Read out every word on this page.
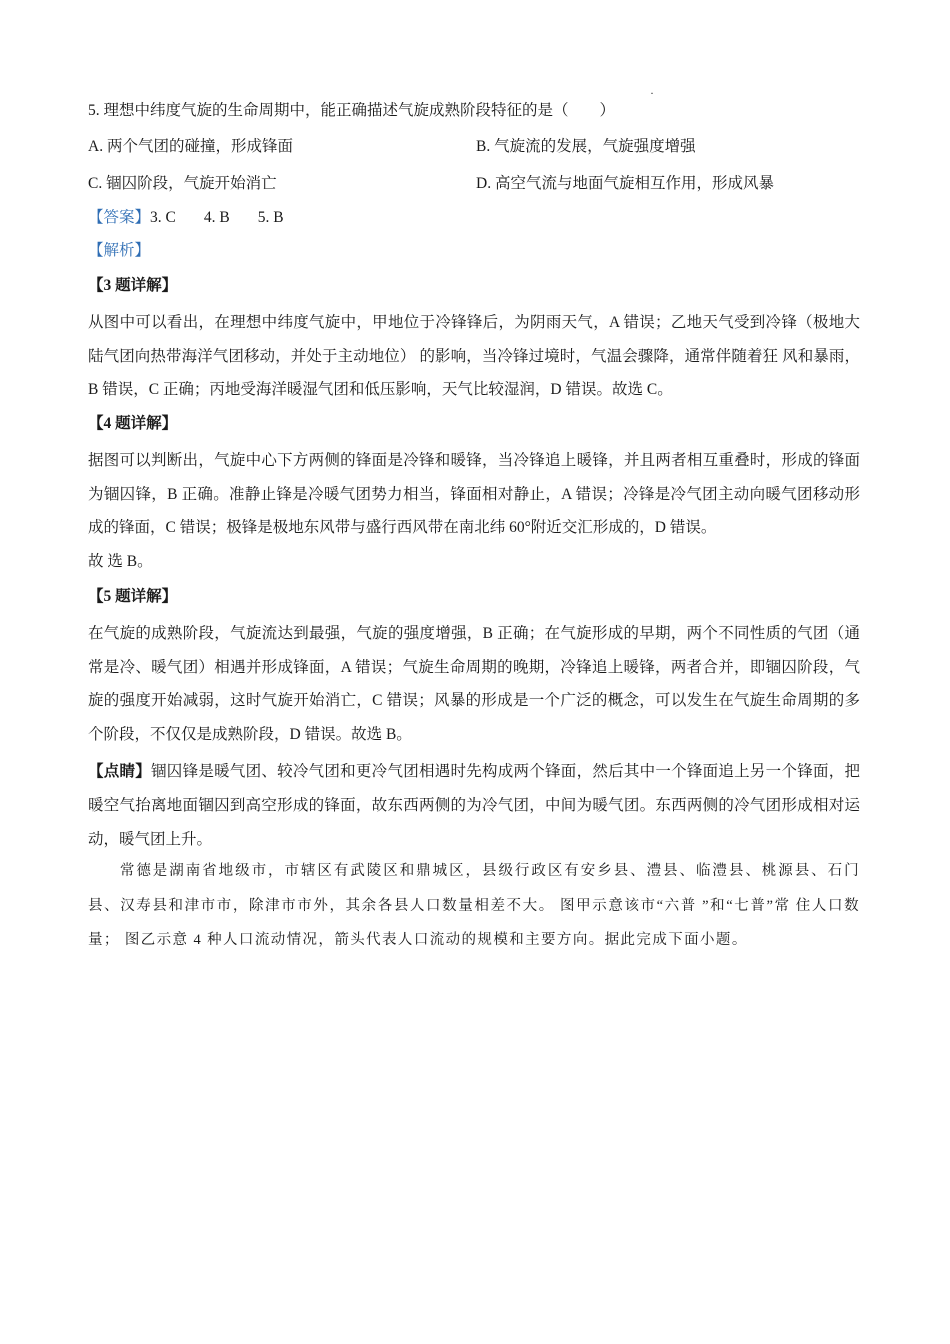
·
5. 理想中纬度气旋的生命周期中，能正确描述气旋成熟阶段特征的是（　　）
A. 两个气团的碰撞，形成锋面	B. 气旋流的发展，气旋强度增强
C. 锢囚阶段，气旋开始消亡	D. 高空气流与地面气旋相互作用，形成风暴
【答案】3. C 4. B 5. B
【解析】
【3 题详解】
从图中可以看出，在理想中纬度气旋中，甲地位于冷锋锋后，为阴雨天气，A 错误；乙地天气受到冷锋（极地大陆气团向热带海洋气团移动，并处于主动地位） 的影响，当冷锋过境时，气温会骤降，通常伴随着狂 风和暴雨，B 错误，C 正确；丙地受海洋暖湿气团和低压影响，天气比较湿润，D 错误。故选 C。
【4 题详解】
据图可以判断出，气旋中心下方两侧的锋面是冷锋和暖锋，当冷锋追上暖锋，并且两者相互重叠时，形成的锋面为锢囚锋，B 正确。准静止锋是冷暖气团势力相当，锋面相对静止，A 错误；冷锋是冷气团主动向暖气团移动形成的锋面，C 错误；极锋是极地东风带与盛行西风带在南北纬 60°附近交汇形成的，D 错误。
故 选 B。
【5 题详解】
在气旋的成熟阶段，气旋流达到最强，气旋的强度增强，B 正确；在气旋形成的早期，两个不同性质的气团（通常是冷、暖气团）相遇并形成锋面，A 错误；气旋生命周期的晚期，冷锋追上暖锋，两者合并，即锢囚阶段，气旋的强度开始减弱，这时气旋开始消亡，C 错误；风暴的形成是一个广泛的概念，可以发生在气旋生命周期的多个阶段，不仅仅是成熟阶段，D 错误。故选 B。
【点睛】锢囚锋是暖气团、较冷气团和更冷气团相遇时先构成两个锋面，然后其中一个锋面追上另一个锋面，把暖空气抬离地面锢囚到高空形成的锋面，故东西两侧的为冷气团，中间为暖气团。东西两侧的冷气团形成相对运动，暖气团上升。
常德是湖南省地级市，市辖区有武陵区和鼎城区，县级行政区有安乡县、澧县、临澧县、桃源县、石门县、汉寿县和津市市，除津市市外，其余各县人口数量相差不大。 图甲示意该市“六普 ”和“七普”常 住人口数量； 图乙示意 4 种人口流动情况，箭头代表人口流动的规模和主要方向。据此完成下面小题。
